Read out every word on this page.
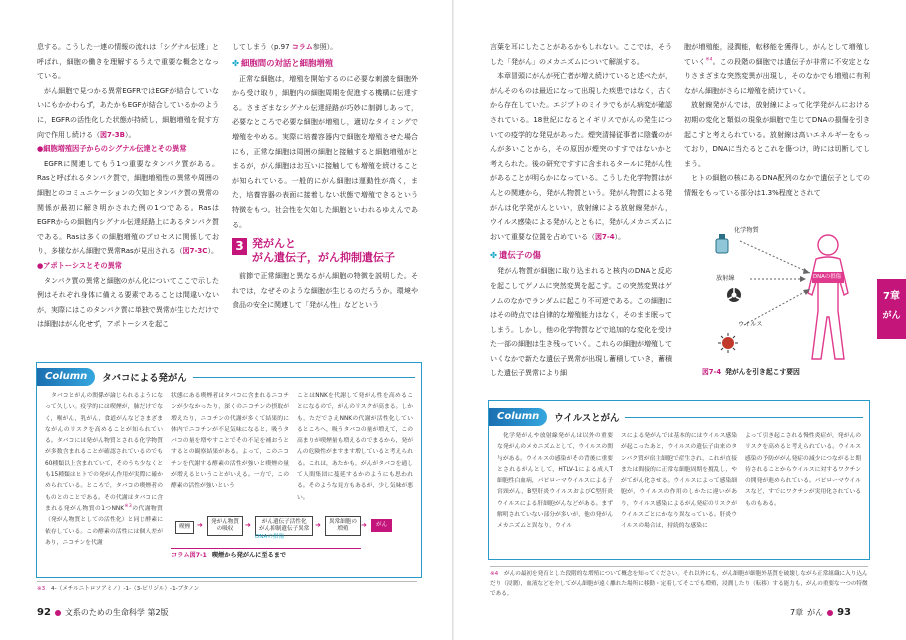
息する。こうした一連の情報の流れは「シグナル伝達」と呼ばれ，細胞の働きを理解するうえで重要な概念となっている。

がん細胞で見つかる異常EGFRではEGFが結合していないにもかかわらず，あたかもEGFが結合しているかのように，EGFRの活性化した状態が持続し，細胞増殖を促す方向で作用し続ける（図7-3B）。

●細胞増殖因子からのシグナル伝達とその異常

EGFRに関連してもう1つ重要なタンパク質がある。Rasと呼ばれるタンパク質で，細胞増殖性の異常や周囲の細胞とのコミュニケーションの欠如とタンパク質の異常の関係が最初に解き明かされた例の1つである。RasはEGFRからの細胞内シグナル伝達経路上にあるタンパク質である。Rasは多くの細胞増殖のプロセスに関係しており，多様ながん細胞で異常Rasが見出される（図7-3C）。

●アポトーシスとその異常

タンパク質の異常と細胞のがん化についてここで示した例はそれぞれ身体に備える要素であることは間違いないが，実際にはこのタンパク質に単独で異常が生じただけでは細胞はがん化せず，アポトーシスを起こ

してしまう（p.97 コラム参照）。

✤ 細胞間の対話と細胞増殖

正常な細胞は，増殖を開始するのに必要な刺激を細胞外から受け取り，細胞内の細胞周期を促進する機構に伝達する。さまざまなシグナル伝達経路が巧妙に制御しあって，必要なところで必要な細胞が増殖し，適切なタイミングで増殖をやめる。実際に培養容器内で細胞を増殖させた場合にも，正常な細胞は周囲の細胞と接触すると細胞増殖がとまるが，がん細胞はお互いに接触しても増殖を続けることが知られている。一般的にがん細胞は運動性が高く，また，培養容器の表面に接着しない状態で増殖できるという特徴をもつ。社会性を欠如した細胞といわれるゆえんである。

3 発がんと
がん遺伝子，がん抑制遺伝子

前節で正常細胞と異なるがん細胞の特徴を説明した。それでは，なぜそのような細胞が生じるのだろうか。環境や食品の安全に関連して「発がん性」などという

Column	タバコによる発がん

タバコとがんの関係が論じられるようになって久しい。疫学的には喫煙が，肺だけでなく，喉がん，乳がん，食道がんなどさまざまながんのリスクを高めることが知られている。タバコには発がん物質とされる化学物質が多数含まれることが確認されているのでも60種類以上含まれていて，そのうち少なくとも15種類はヒトでの発がん作用が実際に確かめられている。ところで，タバコの喫煙者のものとのことである。その代謝はタバコに含まれる発がん物質の1つNNK$^{※3}$の代謝物質（発がん物質としての活性化）と同じ酵素に依存している。この酵素の活性には個人差があり，ニコチンを代謝

状態にある喫煙者はタバコに含まれるニコチンが少なかったり，深くのニコチンの摂取が増えたり，ニコチンの代謝が多くて結果的に体内でニコチンが不足気味になると，吸うタバコの量を増やすことでその不足を補おうとするとの観察結果がある。よって，このニコチンを代謝する酵素の活性が強いと喫煙の量が増えるということがいえる。一方で，この酵素の活性が強いという

ことはNNKを代謝して発がん性を高めることになるので，がんのリスクが高まる。しかも，ただでさえNNKの代謝が活性化しているところへ，吸うタバコの量が増えて，この高まりが喫煙量も増えるのでまるから，発がんの危険性がますます増していると考えられる。これは，あたかも，がんがタバコを通して人間集団に蔓延するかのようにも思われる。そのような見方もあるが，少し気味が悪い。

喫煙 ➜ 発がん物質
の吸収	➜	がん遺伝子活性化
がん抑制遺伝子異常 ➜ 異常細胞の
増殖	➜	がん
DNAの損傷
コラム図7-1 喫煙から発がんに至るまで
※3 4-（メチルニトロソアミノ）-1-（3-ピリジル）-1-ブタノン
92 文系のための生命科学 第2版

言葉を耳にしたことがあるかもしれない。ここでは，そうした「発がん」のメカニズムについて解説する。

本章冒頭にがんが死亡者が増え続けていると述べたが，がんそのものは最近になって出現した疾患ではなく，古くから存在していた。エジプトのミイラでもがん病変が確認されている。18世紀になるとイギリスでがんの発生についての疫学的な発見があった。煙突清掃従事者に陰嚢のがんが多いことから，その原因が煙突のすすではないかと考えられた。後の研究ですすに含まれるタールに発がん性があることが明らかになっている。こうした化学物質はがんとの関連から，発がん物質という。発がん物質による発がんは化学発がんといい，放射線による放射線発がん，ウイルス感染による発がんとともに，発がんメカニズムにおいて重要な位置を占めている（図7-4）。

✤ 遺伝子の傷

発がん物質が細胞に取り込まれると核内のDNAと反応を起こしてゲノムに突然変異を起こす。この突然変異はゲノムのなかでランダムに起こり不可逆である。この細胞にはその時点では自律的な増殖能力はなく，そのまま眠ってしまう。しかし，他の化学物質などで追加的な変化を受けた一部の細胞は生き残っていく。これらの細胞が増殖していくなかで新たな遺伝子異常が出現し蓄積していき，蓄積した遺伝子異常により細

胞が増殖能，浸潤能，転移能を獲得し，がんとして増殖していく$^{※4}$。この段階の細胞では遺伝子が非常に不安定となりさまざまな突然変異が出現し，そのなかでも増殖に有利ながん細胞がさらに増殖を続けていく。

放射線発がんでは，放射線によって化学発がんにおける初期の変化と類似の現象が細胞で生じてDNAの損傷を引き起こすと考えられている。放射線は高いエネルギーをもっており，DNAに当たるとこれを傷つけ，時には切断してしまう。

ヒトの細胞の核にあるDNA配列のなかで遺伝子としての情報をもっている部分は1.3%程度とされて

化学物質
放射線
ウイルス
DNAの損傷
図7-4 発がんを引き起こす要因
Column	ウイルスとがん

化学発がんや放射線発がんは以外の重要な発がんのメカニズムとして，ウイルスの関与がある。ウイルスの感染がその背後に重要とされるがんとして，HTLV-1による成人T細胞性白血病，パピローマウイルスによる子宮頸がん，B型肝炎ウイルスおよびC型肝炎ウイルスによる肝細胞がんなどがある。まず解明されていない部分が多いが，他の発がんメカニズムと異なり，ウイル

スによる発がんでは基本的にはウイルス感染が起こったあと，ウイルスの遺伝子由来のタンパク質が宿主細胞で産生され，これが直接または間接的に正常な細胞周期を撹乱し，やがてがん化させる。ウイルスによって感染細胞が，ウイルスの作用のしかたに違いがあり，ウイルス感染によるがん発症のリスクがウイルスごとにかなり異なっている。肝炎ウイルスの場合は，持続的な感染に

よって引き起こされる慢性炎症が，発がんのリスクを高めると考えられている。ウイルス感染の予防ががん発症の減少につながると期待されることからウイルスに対するワクチンの開発が進められている。パピローマウイルスなど，すでにワクチンが実用化されているものもある。

※4 がんの最初を発育とした段階的な増殖について概念を知ってください。それ以外にも，がん細胞が細胞外基質を破壊しながら正常組織に入り込んだり（浸潤），血液などを介してがん細胞が遠く離れた場所に移動・定着してそこでも増殖，浸潤したり（転移）する能力も，がんの重要な一つの特徴である。
7章
がん
7章 がん 93
